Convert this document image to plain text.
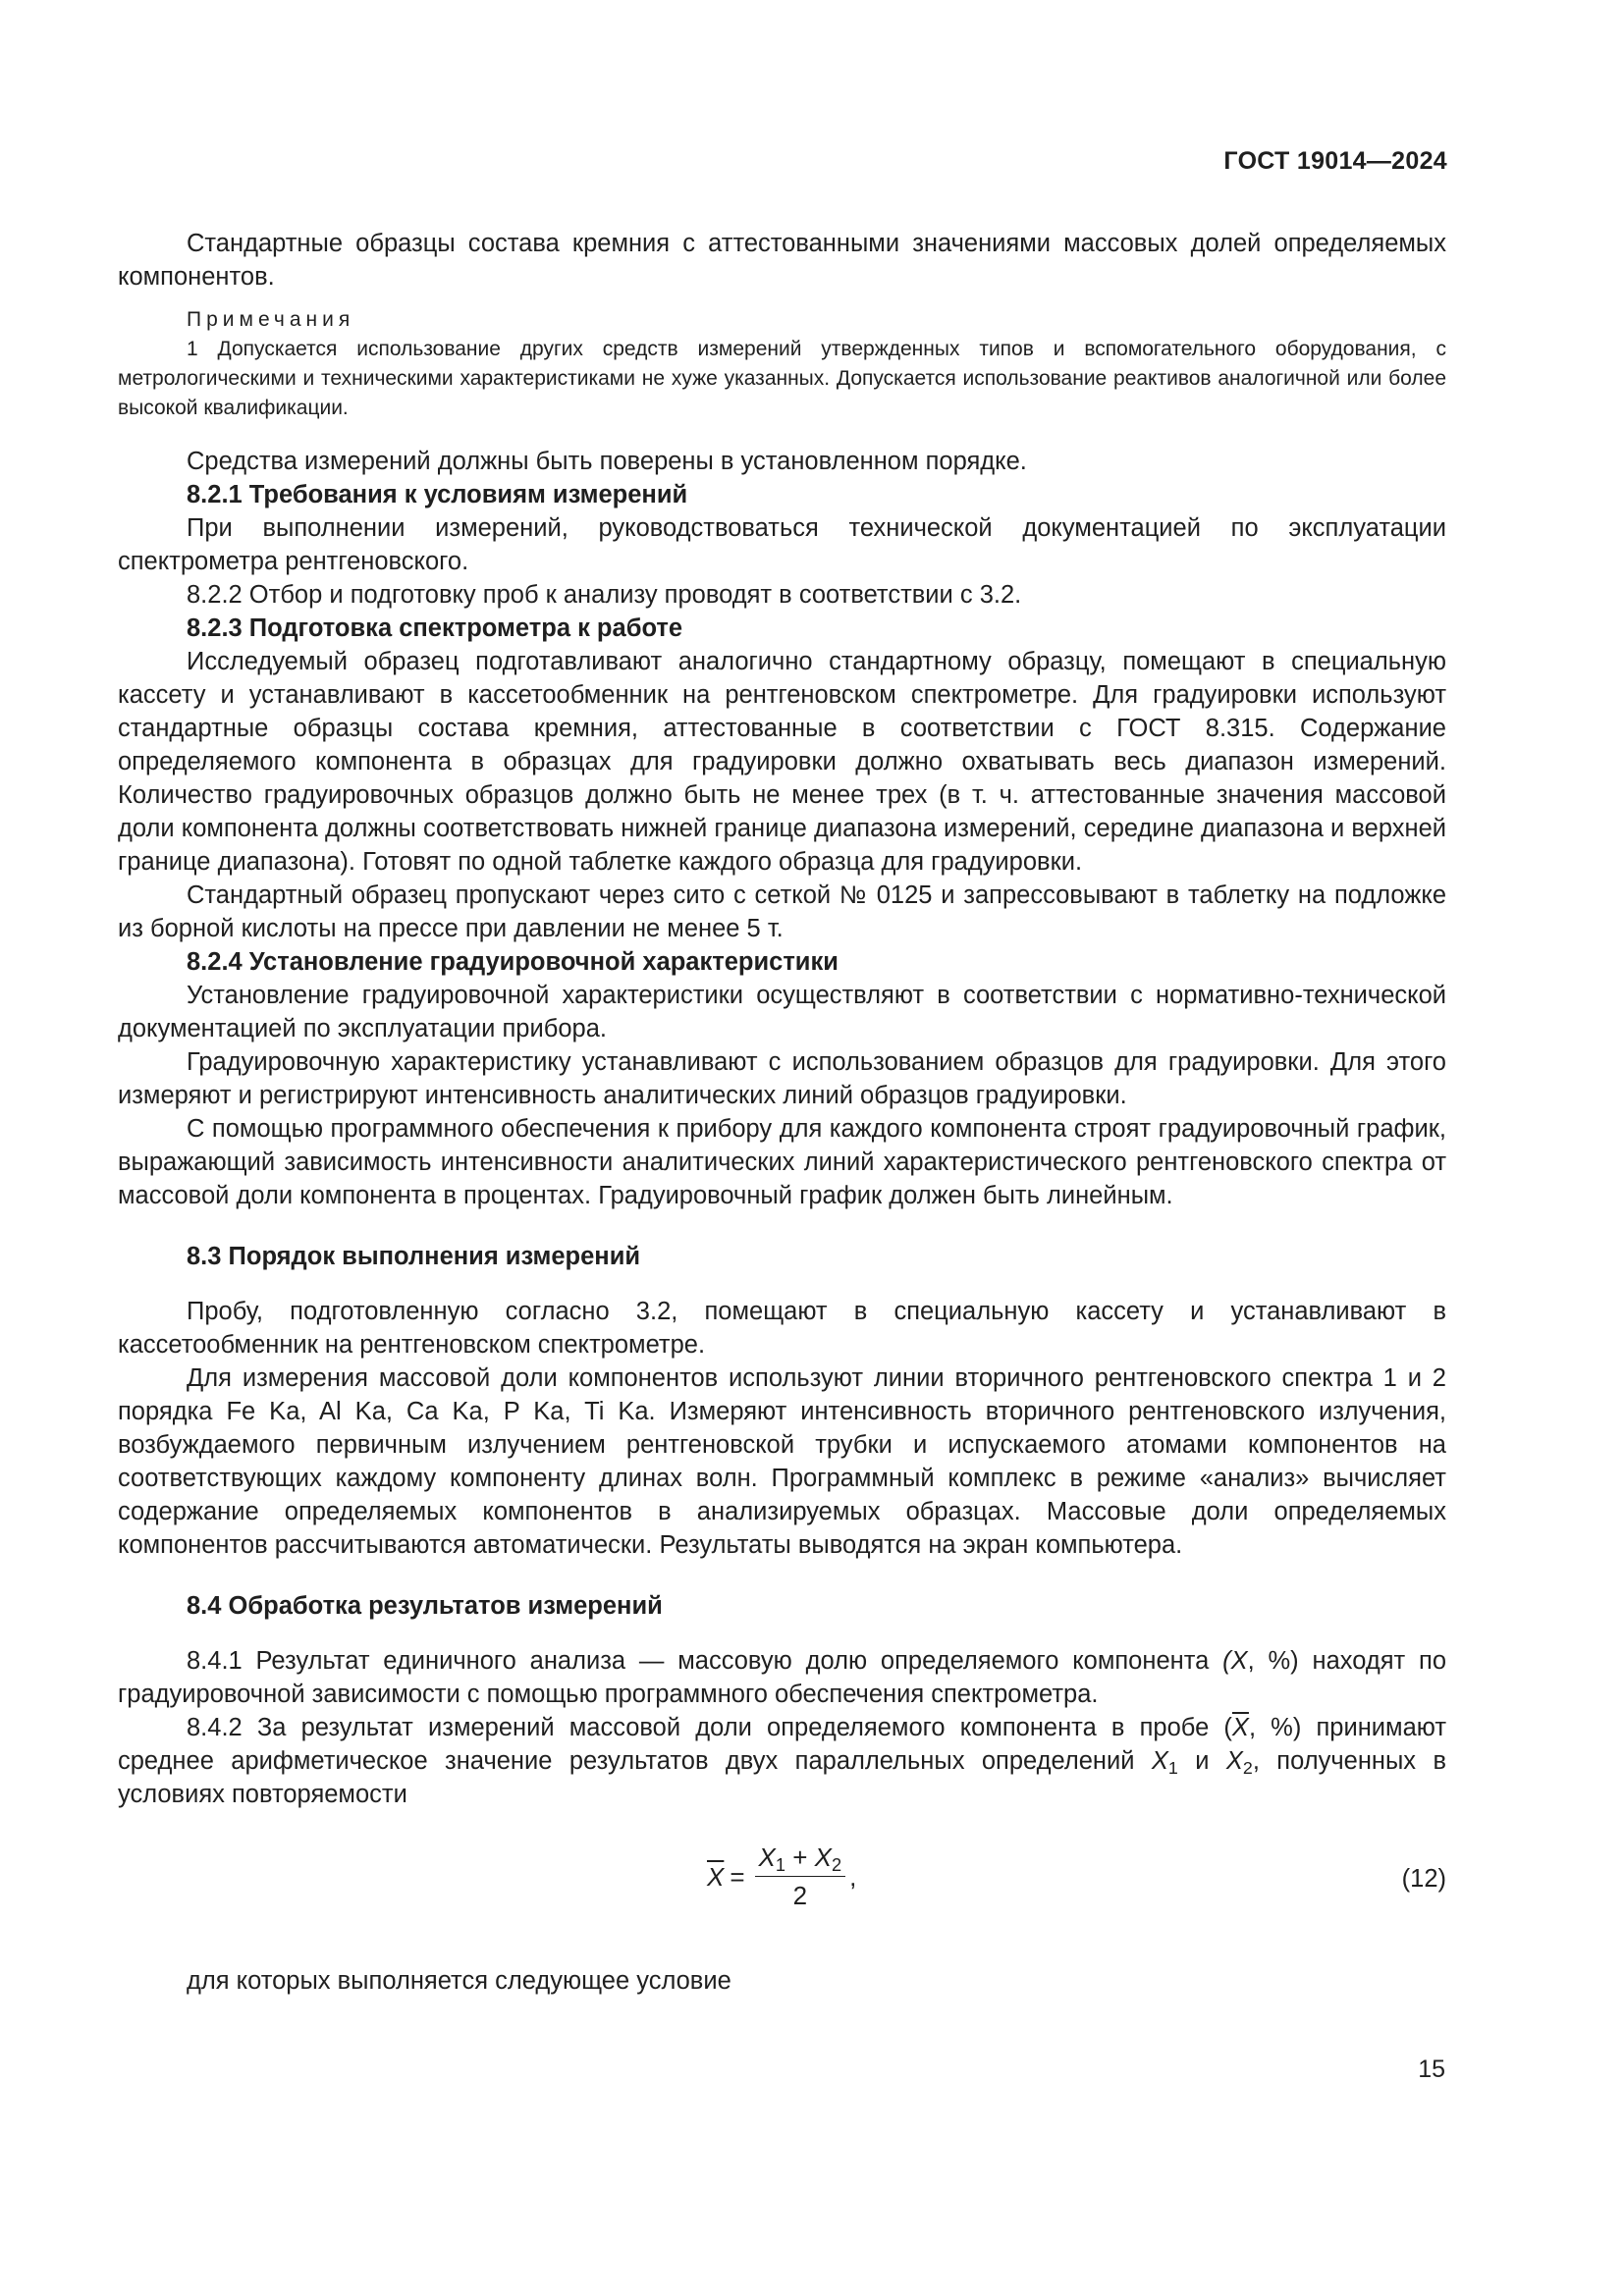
ГОСТ 19014—2024

Стандартные образцы состава кремния с аттестованными значениями массовых долей определяемых компонентов.

Примечания

1 Допускается использование других средств измерений утвержденных типов и вспомогательного оборудования, с метрологическими и техническими характеристиками не хуже указанных. Допускается использование реактивов аналогичной или более высокой квалификации.

Средства измерений должны быть поверены в установленном порядке.

8.2.1 Требования к условиям измерений

При выполнении измерений, руководствоваться технической документацией по эксплуатации спектрометра рентгеновского.

8.2.2 Отбор и подготовку проб к анализу проводят в соответствии с 3.2.

8.2.3 Подготовка спектрометра к работе

Исследуемый образец подготавливают аналогично стандартному образцу, помещают в специальную кассету и устанавливают в кассетообменник на рентгеновском спектрометре. Для градуировки используют стандартные образцы состава кремния, аттестованные в соответствии с ГОСТ 8.315. Содержание определяемого компонента в образцах для градуировки должно охватывать весь диапазон измерений. Количество градуировочных образцов должно быть не менее трех (в т. ч. аттестованные значения массовой доли компонента должны соответствовать нижней границе диапазона измерений, середине диапазона и верхней границе диапазона). Готовят по одной таблетке каждого образца для градуировки.

Стандартный образец пропускают через сито с сеткой № 0125 и запрессовывают в таблетку на подложке из борной кислоты на прессе при давлении не менее 5 т.

8.2.4 Установление градуировочной характеристики

Установление градуировочной характеристики осуществляют в соответствии с нормативно-технической документацией по эксплуатации прибора.

Градуировочную характеристику устанавливают с использованием образцов для градуировки. Для этого измеряют и регистрируют интенсивность аналитических линий образцов градуировки.

С помощью программного обеспечения к прибору для каждого компонента строят градуировочный график, выражающий зависимость интенсивности аналитических линий характеристического рентгеновского спектра от массовой доли компонента в процентах. Градуировочный график должен быть линейным.

8.3 Порядок выполнения измерений

Пробу, подготовленную согласно 3.2, помещают в специальную кассету и устанавливают в кассетообменник на рентгеновском спектрометре.

Для измерения массовой доли компонентов используют линии вторичного рентгеновского спектра 1 и 2 порядка Fe Ka, Al Ka, Ca Ka, P Ka, Ti Ka. Измеряют интенсивность вторичного рентгеновского излучения, возбуждаемого первичным излучением рентгеновской трубки и испускаемого атомами компонентов на соответствующих каждому компоненту длинах волн. Программный комплекс в режиме «анализ» вычисляет содержание определяемых компонентов в анализируемых образцах. Массовые доли определяемых компонентов рассчитываются автоматически. Результаты выводятся на экран компьютера.

8.4 Обработка результатов измерений

8.4.1 Результат единичного анализа — массовую долю определяемого компонента (X, %) находят по градуировочной зависимости с помощью программного обеспечения спектрометра.

8.4.2 За результат измерений массовой доли определяемого компонента в пробе ($\overline{X}$, %) принимают среднее арифметическое значение результатов двух параллельных определений $X_1$ и $X_2$, полученных в условиях повторяемости

$\overline{X} = \frac{X_1 + X_2}{2}$ ,	(12)

для которых выполняется следующее условие

15
